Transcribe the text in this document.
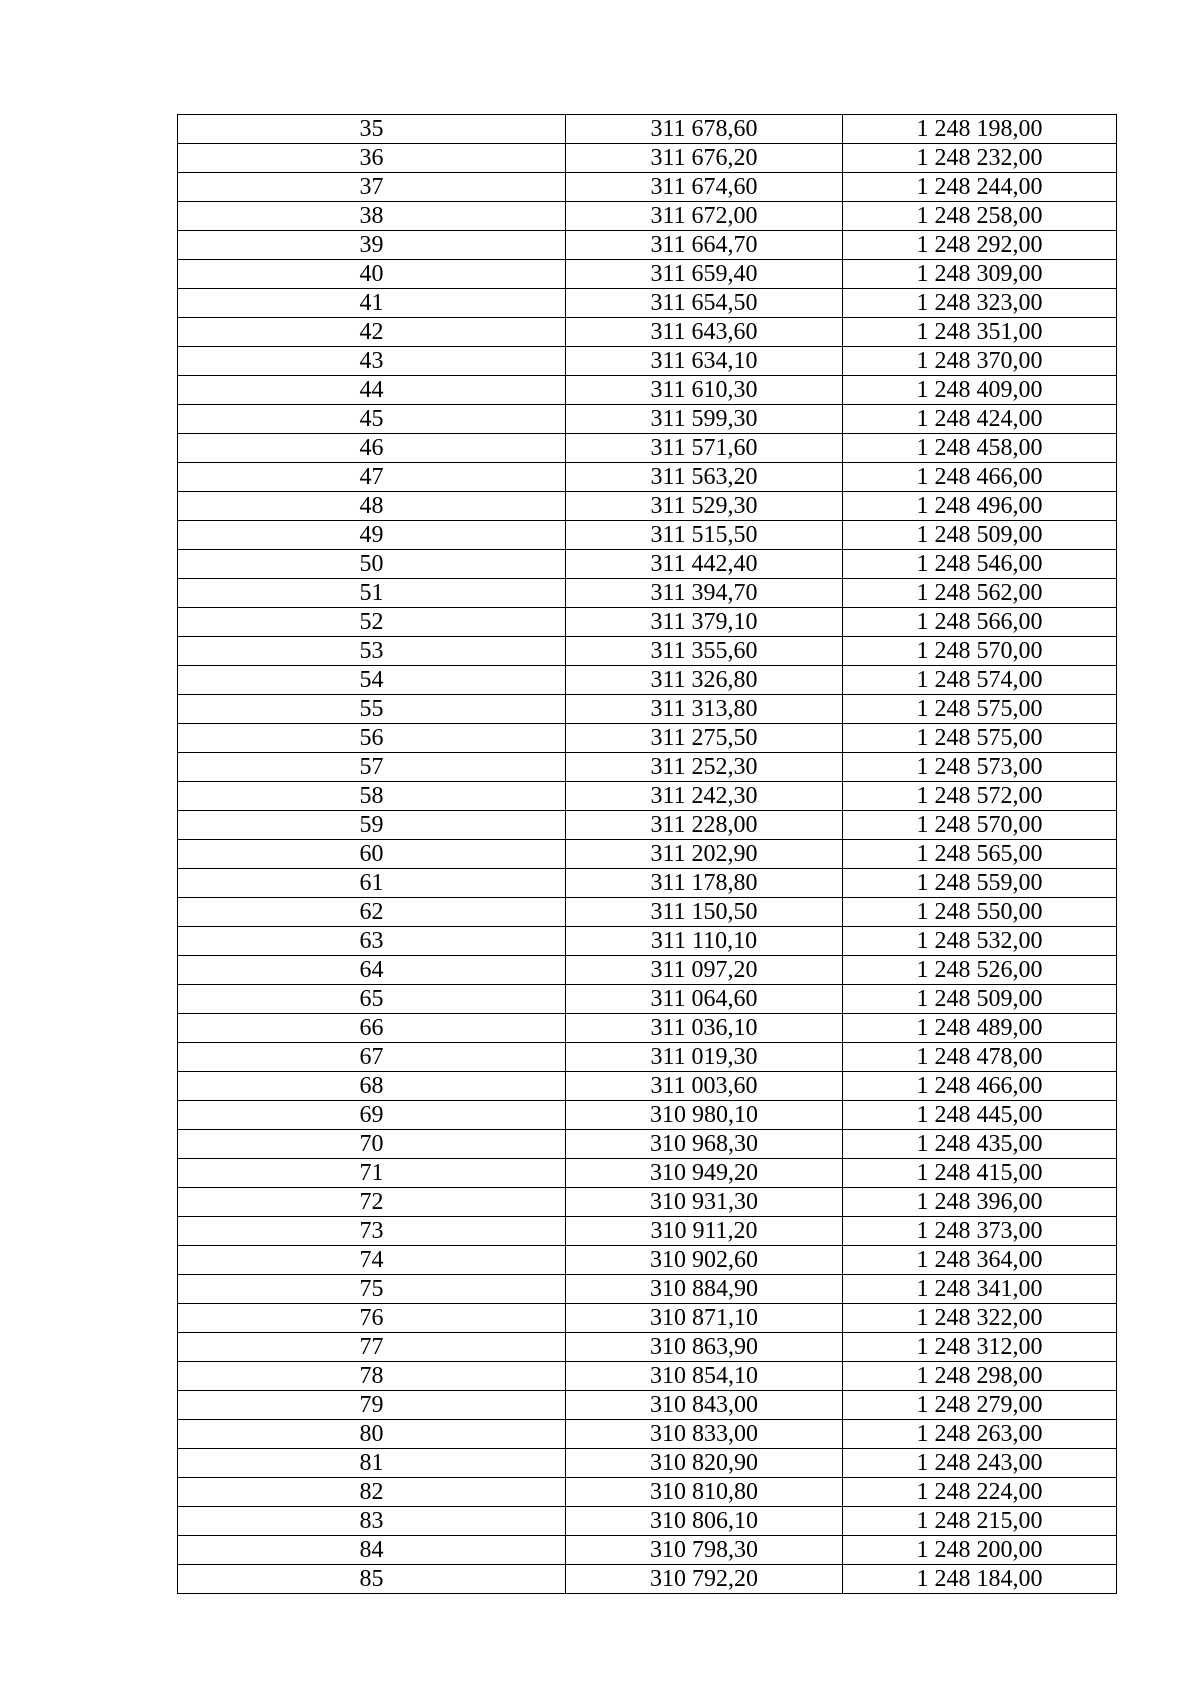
35	311 678,60	1 248 198,00
36	311 676,20	1 248 232,00
37	311 674,60	1 248 244,00
38	311 672,00	1 248 258,00
39	311 664,70	1 248 292,00
40	311 659,40	1 248 309,00
41	311 654,50	1 248 323,00
42	311 643,60	1 248 351,00
43	311 634,10	1 248 370,00
44	311 610,30	1 248 409,00
45	311 599,30	1 248 424,00
46	311 571,60	1 248 458,00
47	311 563,20	1 248 466,00
48	311 529,30	1 248 496,00
49	311 515,50	1 248 509,00
50	311 442,40	1 248 546,00
51	311 394,70	1 248 562,00
52	311 379,10	1 248 566,00
53	311 355,60	1 248 570,00
54	311 326,80	1 248 574,00
55	311 313,80	1 248 575,00
56	311 275,50	1 248 575,00
57	311 252,30	1 248 573,00
58	311 242,30	1 248 572,00
59	311 228,00	1 248 570,00
60	311 202,90	1 248 565,00
61	311 178,80	1 248 559,00
62	311 150,50	1 248 550,00
63	311 110,10	1 248 532,00
64	311 097,20	1 248 526,00
65	311 064,60	1 248 509,00
66	311 036,10	1 248 489,00
67	311 019,30	1 248 478,00
68	311 003,60	1 248 466,00
69	310 980,10	1 248 445,00
70	310 968,30	1 248 435,00
71	310 949,20	1 248 415,00
72	310 931,30	1 248 396,00
73	310 911,20	1 248 373,00
74	310 902,60	1 248 364,00
75	310 884,90	1 248 341,00
76	310 871,10	1 248 322,00
77	310 863,90	1 248 312,00
78	310 854,10	1 248 298,00
79	310 843,00	1 248 279,00
80	310 833,00	1 248 263,00
81	310 820,90	1 248 243,00
82	310 810,80	1 248 224,00
83	310 806,10	1 248 215,00
84	310 798,30	1 248 200,00
85	310 792,20	1 248 184,00
